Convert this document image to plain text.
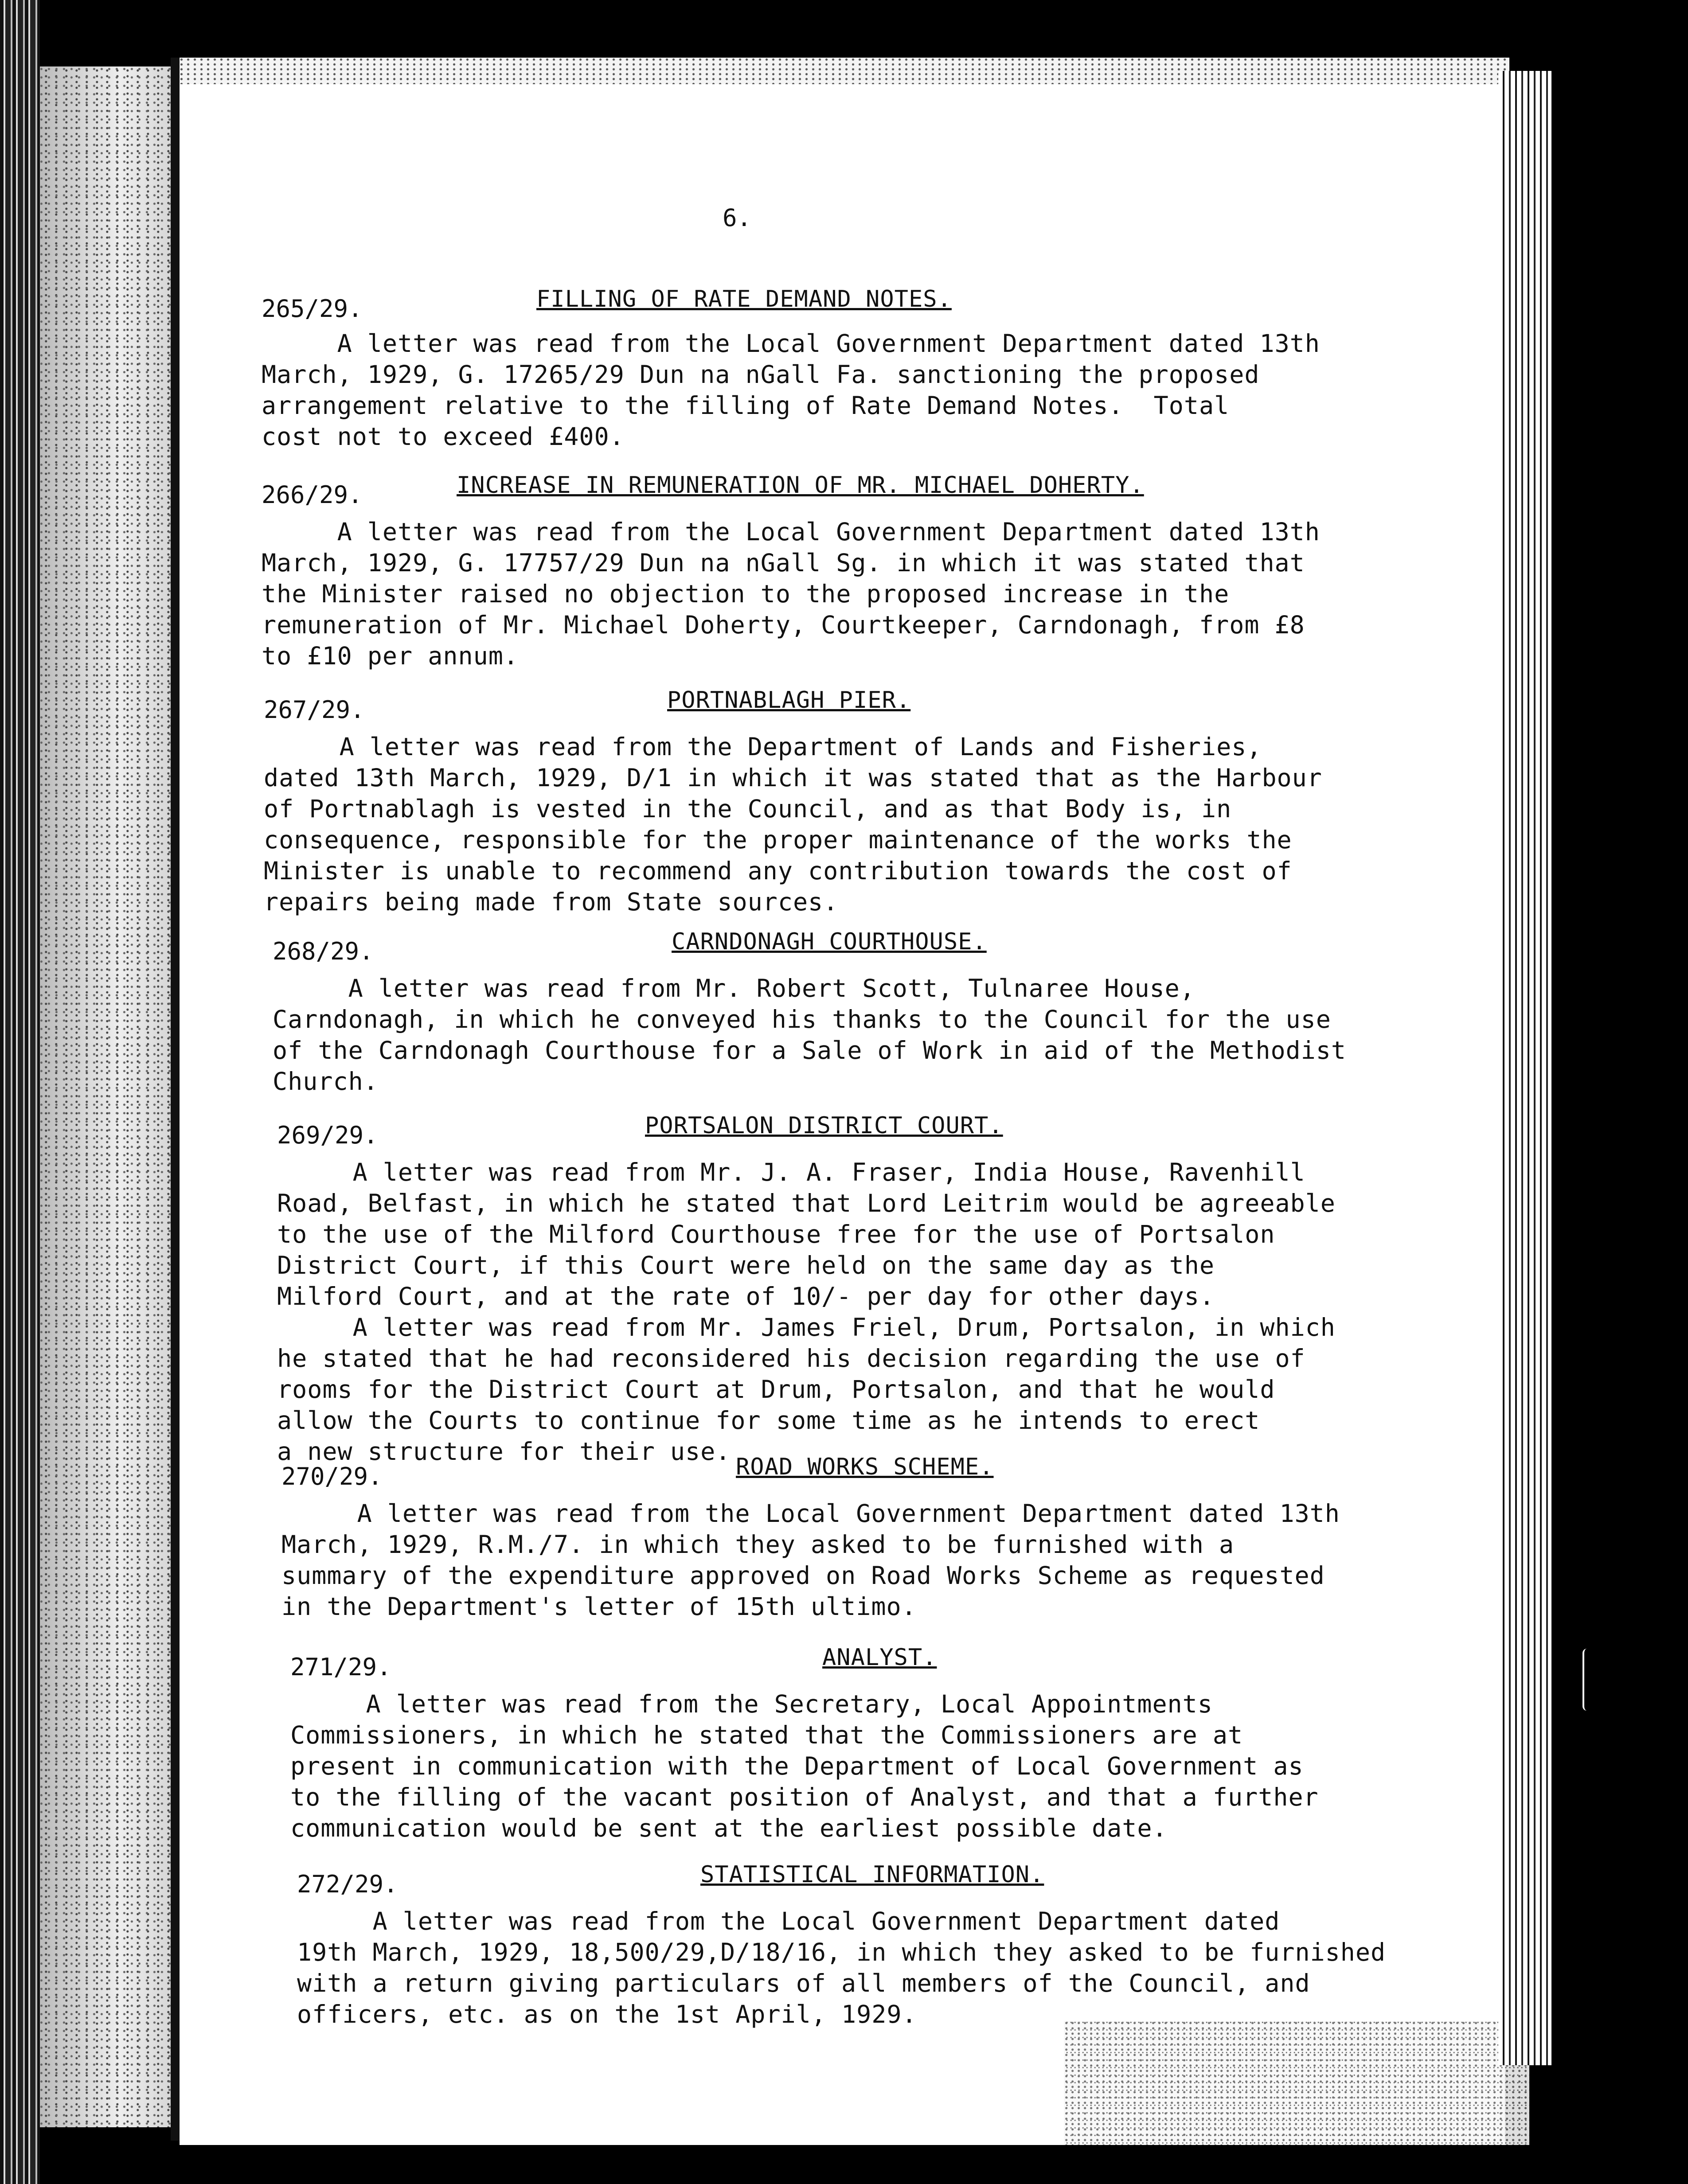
6.
265/29.	FILLING OF RATE DEMAND NOTES.
A letter was read from the Local Government Department dated 13th
March, 1929, G. 17265/29 Dun na nGall Fa. sanctioning the proposed
arrangement relative to the filling of Rate Demand Notes.  Total
cost not to exceed £400.
266/29.	INCREASE IN REMUNERATION OF MR. MICHAEL DOHERTY.
A letter was read from the Local Government Department dated 13th
March, 1929, G. 17757/29 Dun na nGall Sg. in which it was stated that
the Minister raised no objection to the proposed increase in the
remuneration of Mr. Michael Doherty, Courtkeeper, Carndonagh, from £8
to £10 per annum.
267/29.	PORTNABLAGH PIER.
A letter was read from the Department of Lands and Fisheries,
dated 13th March, 1929, D/1 in which it was stated that as the Harbour
of Portnablagh is vested in the Council, and as that Body is, in
consequence, responsible for the proper maintenance of the works the
Minister is unable to recommend any contribution towards the cost of
repairs being made from State sources.
268/29.	CARNDONAGH COURTHOUSE.
A letter was read from Mr. Robert Scott, Tulnaree House,
Carndonagh, in which he conveyed his thanks to the Council for the use
of the Carndonagh Courthouse for a Sale of Work in aid of the Methodist
Church.
269/29.	PORTSALON DISTRICT COURT.
A letter was read from Mr. J. A. Fraser, India House, Ravenhill
Road, Belfast, in which he stated that Lord Leitrim would be agreeable
to the use of the Milford Courthouse free for the use of Portsalon
District Court, if this Court were held on the same day as the
Milford Court, and at the rate of 10/- per day for other days.
A letter was read from Mr. James Friel, Drum, Portsalon, in which
he stated that he had reconsidered his decision regarding the use of
rooms for the District Court at Drum, Portsalon, and that he would
allow the Courts to continue for some time as he intends to erect
a new structure for their use.
270/29.	ROAD WORKS SCHEME.
A letter was read from the Local Government Department dated 13th
March, 1929, R.M./7. in which they asked to be furnished with a
summary of the expenditure approved on Road Works Scheme as requested
in the Department's letter of 15th ultimo.
271/29.	ANALYST.
A letter was read from the Secretary, Local Appointments
Commissioners, in which he stated that the Commissioners are at
present in communication with the Department of Local Government as
to the filling of the vacant position of Analyst, and that a further
communication would be sent at the earliest possible date.
272/29.	STATISTICAL INFORMATION.
A letter was read from the Local Government Department dated
19th March, 1929, 18,500/29,D/18/16, in which they asked to be furnished
with a return giving particulars of all members of the Council, and
officers, etc. as on the 1st April, 1929.
